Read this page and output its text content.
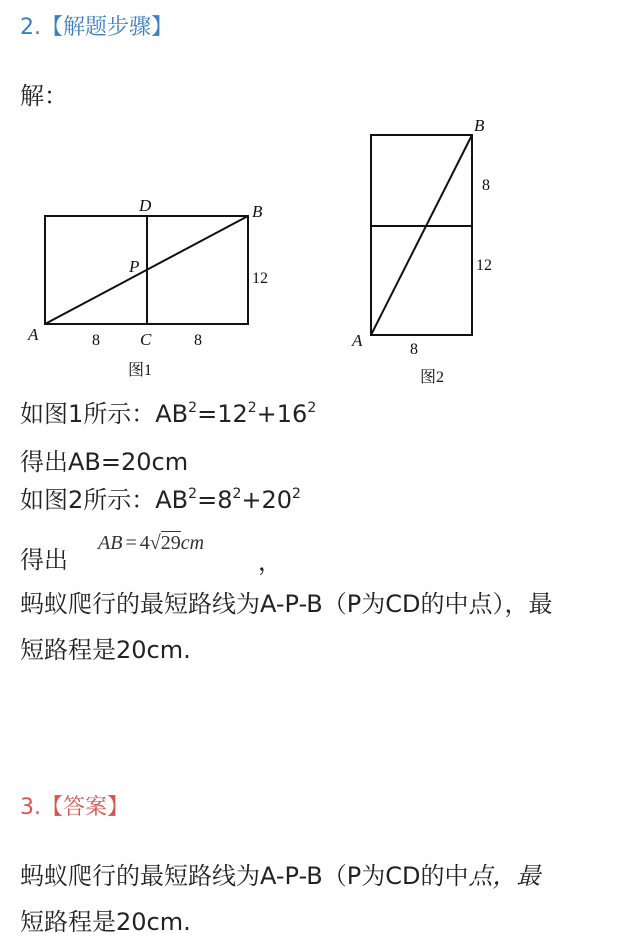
2.【解题步骤】
解：
A
B
C
D
P
8	8
12
图1
A
B
8
12
8
图2
如图1所示：$AB^2=12^2+16^2$
得出AB=20cm
如图2所示：$AB^2=8^2+20^2$
得出
AB = 4√29cm
，
蚂蚁爬行的最短路线为A-P-B（P为CD的中点），最
短路程是20cm.
3.【答案】
蚂蚁爬行的最短路线为A-P-B（P为CD的中点，最
短路程是20cm.
